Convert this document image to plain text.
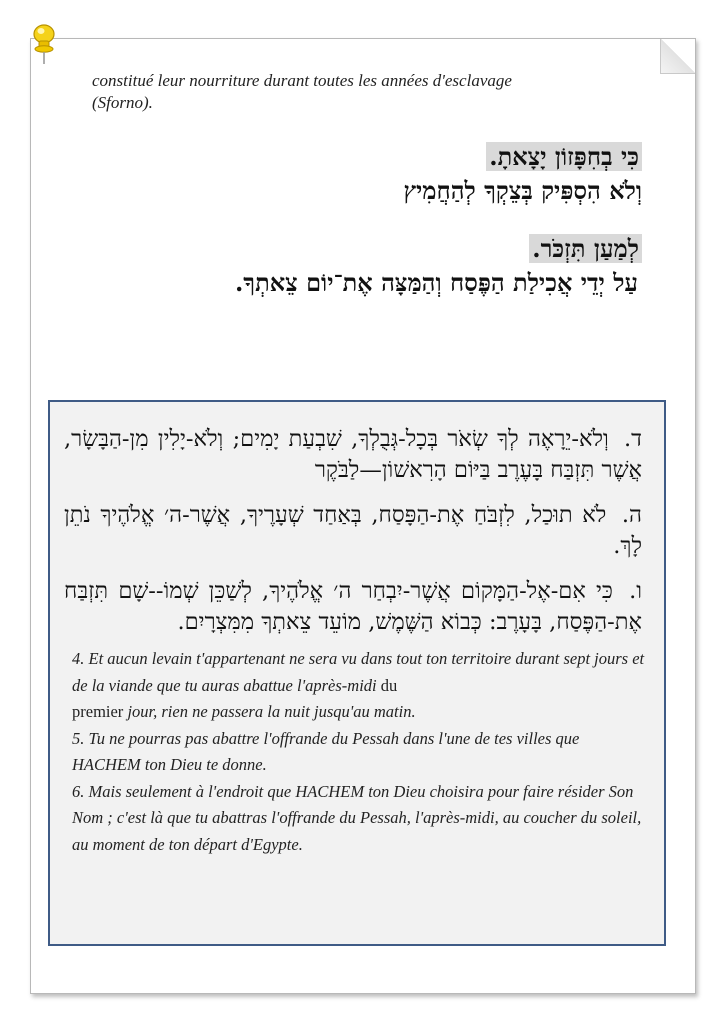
constitué leur nourriture durant toutes les années d'esclavage
(Sforno).
כִּי בְחִפָּזוֹן יָצָאתָ.
וְלֹא הִסְפִּיק בְּצֵקְךָ לְהַחֲמִיץ
לְמַעַן תִּזְכֹּר.
עַל יְדֵי אֲכִילַת הַפֶּסַח וְהַמַּצָּה אֶת־יוֹם צֵאתְךָ.
ד. וְלֹא-יֵרָאֶה לְךָ שְׂאֹר בְּכָל-גְּבֻלְךָ, שִׁבְעַת יָמִים; וְלֹא-יָלִין מִן-הַבָּשָׂר, אֲשֶׁר תִּזְבַּח בָּעֶרֶב בַּיּוֹם הָרִאשׁוֹן—לַבֹּקֶר
ה. לֹא תוּכַל, לִזְבֹּחַ אֶת-הַפָּסַח, בְּאַחַד שְׁעָרֶיךָ, אֲשֶׁר-ה׳ אֱלֹהֶיךָ נֹתֵן לָךְ.
ו. כִּי אִם-אֶל-הַמָּקוֹם אֲשֶׁר-יִבְחַר ה׳ אֱלֹהֶיךָ, לְשַׁכֵּן שְׁמוֹ--שָׁם תִּזְבַּח אֶת-הַפֶּסַח, בָּעָרֶב: כְּבוֹא הַשֶּׁמֶשׁ, מוֹעֵד צֵאתְךָ מִמִּצְרָיִם.
4. Et aucun levain t'appartenant ne sera vu dans tout ton territoire durant sept jours et de la viande que tu auras abattue l'après-midi du
premier jour, rien ne passera la nuit jusqu'au matin.
5. Tu ne pourras pas abattre l'offrande du Pessah dans l'une de tes villes que HACHEM ton Dieu te donne.
6. Mais seulement à l'endroit que HACHEM ton Dieu choisira pour faire résider Son Nom ; c'est là que tu abattras l'offrande du Pessah, l'après-midi, au coucher du soleil, au moment de ton départ d'Egypte.
